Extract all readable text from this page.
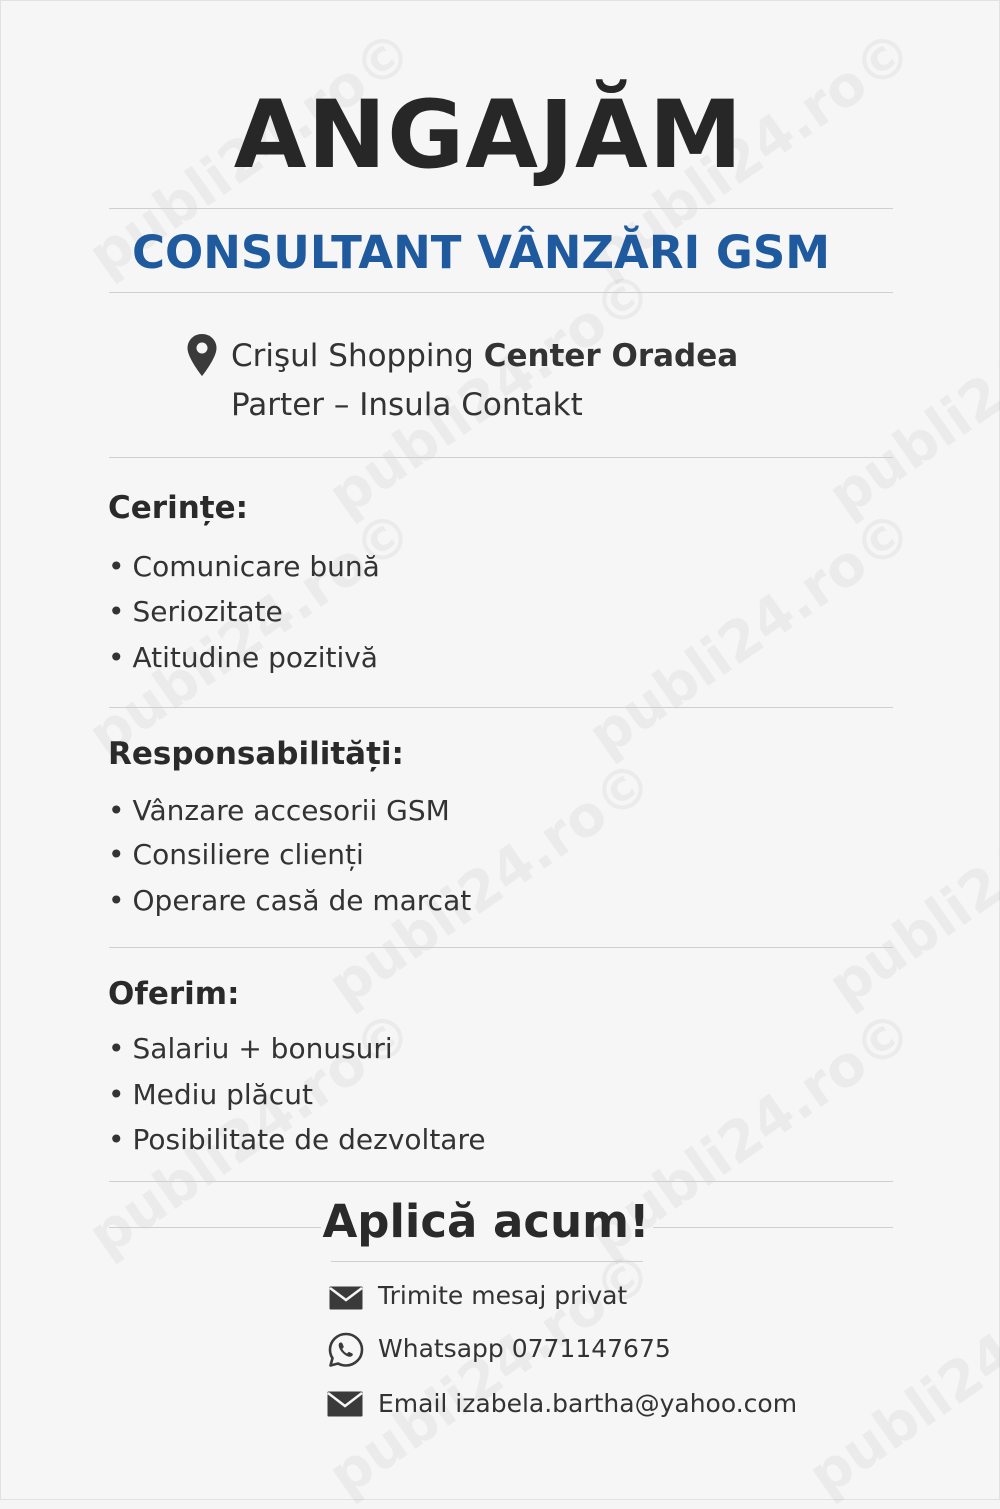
ANGAJĂM
CONSULTANT VÂNZĂRI GSM
Crişul Shopping Center Oradea
Parter – Insula Contakt
Cerințe:
• Comunicare bună
• Seriozitate
• Atitudine pozitivă
Responsabilități:
• Vânzare accesorii GSM
• Consiliere clienți
• Operare casă de marcat
Oferim:
• Salariu + bonusuri
• Mediu plăcut
• Posibilitate de dezvoltare
Aplică acum!
Trimite mesaj privat
Whatsapp 0771147675
Email izabela.bartha@yahoo.com
